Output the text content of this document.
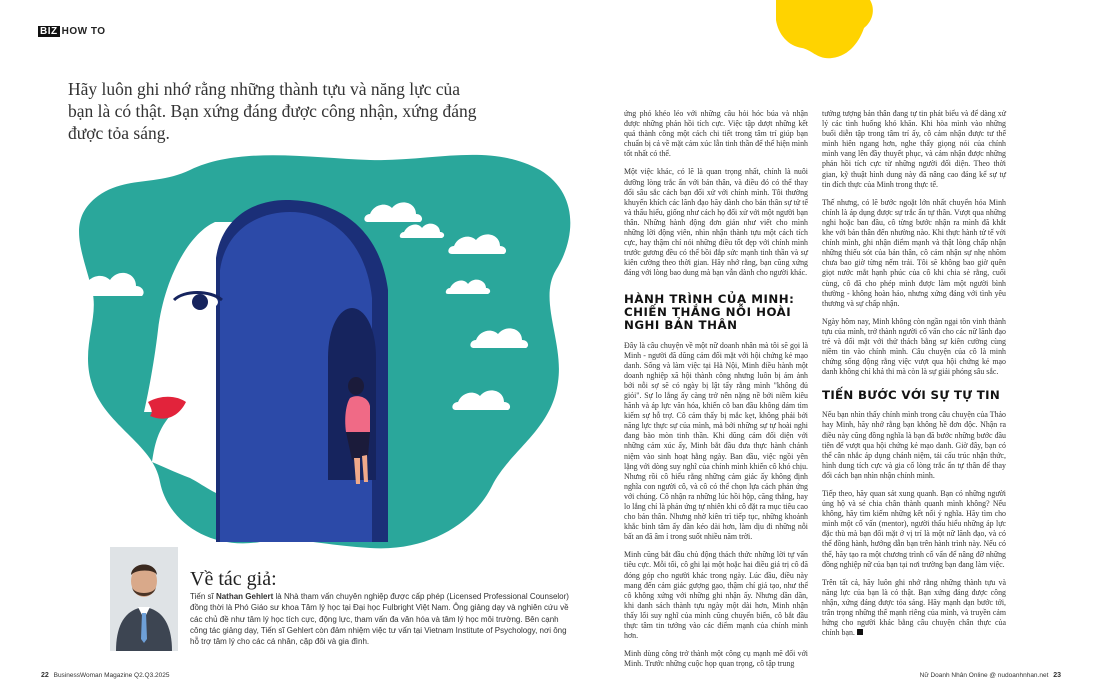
BIZ HOW TO
Hãy luôn ghi nhớ rằng những thành tựu và năng lực của bạn là có thật. Bạn xứng đáng được công nhận, xứng đáng được tỏa sáng.
Về tác giả:
Tiến sĩ Nathan Gehlert là Nhà tham vấn chuyên nghiệp được cấp phép (Licensed Professional Counselor) đồng thời là Phó Giáo sư khoa Tâm lý học tại Đại học Fulbright Việt Nam. Ông giảng dạy và nghiên cứu về các chủ đề như tâm lý học tích cực, động lực, tham vấn đa văn hóa và tâm lý học môi trường. Bên cạnh công tác giảng dạy, Tiến sĩ Gehlert còn đảm nhiệm việc tư vấn tại Vietnam Institute of Psychology, nơi ông hỗ trợ tâm lý cho các cá nhân, cặp đôi và gia đình.

ứng phó khéo léo với những câu hỏi hóc búa và nhận được những phản hồi tích cực. Việc tập dượt những kết quả thành công một cách chi tiết trong tâm trí giúp bạn chuẩn bị cả về mặt cảm xúc lẫn tinh thần để thể hiện mình tốt nhất có thể.

Một việc khác, có lẽ là quan trọng nhất, chính là nuôi dưỡng lòng trắc ẩn với bản thân, và điều đó có thể thay đổi sâu sắc cách bạn đối xử với chính mình. Tôi thường khuyến khích các lãnh đạo hãy dành cho bản thân sự tử tế và thấu hiểu, giống như cách họ đối xử với một người bạn thân. Những hành động đơn giản như viết cho mình những lời động viên, nhìn nhận thành tựu một cách tích cực, hay thậm chí nói những điều tốt đẹp với chính mình trước gương đều có thể bồi đắp sức mạnh tinh thần và sự kiên cường theo thời gian. Hãy nhớ rằng, bạn cũng xứng đáng với lòng bao dung mà bạn vẫn dành cho người khác.

HÀNH TRÌNH CỦA MINH: CHIẾN THẮNG NỖI HOÀI NGHI BẢN THÂN

Đây là câu chuyện về một nữ doanh nhân mà tôi sẽ gọi là Minh - người đã dũng cảm đối mặt với hội chứng kẻ mạo danh. Sống và làm việc tại Hà Nội, Minh điều hành một doanh nghiệp xã hội thành công nhưng luôn bị ám ảnh bởi nỗi sợ sẽ có ngày bị lật tẩy rằng mình "không đủ giỏi". Sự lo lắng ấy càng trở nên nặng nề bởi niềm kiêu hãnh và áp lực văn hóa, khiến cô ban đầu không dám tìm kiếm sự hỗ trợ. Cô cảm thấy bị mắc kẹt, không phải bởi năng lực thực sự của mình, mà bởi những sự tự hoài nghi đang bào mòn tinh thần. Khi dũng cảm đối diện với những cảm xúc ấy, Minh bắt đầu đưa thực hành chánh niệm vào sinh hoạt hằng ngày. Ban đầu, việc ngồi yên lặng với dòng suy nghĩ của chính mình khiến cô khó chịu. Nhưng rồi cô hiểu rằng những cảm giác ấy không định nghĩa con người cô, và cô có thể chọn lựa cách phản ứng với chúng. Cô nhận ra những lúc hồi hộp, căng thẳng, hay lo lắng chỉ là phản ứng tự nhiên khi cô đặt ra mục tiêu cao cho bản thân. Nhưng nhờ kiên trì tiếp tục, những khoảnh khắc bình tâm ấy dần kéo dài hơn, làm dịu đi những nỗi bất an đã âm ỉ trong suốt nhiều năm trời.

Minh cũng bắt đầu chủ động thách thức những lời tự vấn tiêu cực. Mỗi tối, cô ghi lại một hoặc hai điều giá trị cô đã đóng góp cho người khác trong ngày. Lúc đầu, điều này mang đến cảm giác gượng gạo, thậm chí giả tạo, như thể cô không xứng với những ghi nhận ấy. Nhưng dần dần, khi danh sách thành tựu ngày một dài hơn, Minh nhận thấy lối suy nghĩ của mình cũng chuyển biến, cô bắt đầu thực tâm tin tưởng vào các điểm mạnh của chính mình hơn.

Minh dùng công trở thành một công cụ mạnh mẽ đối với Minh. Trước những cuộc họp quan trọng, cô tập trung

tưởng tượng bản thân đang tự tin phát biểu và để dàng xử lý các tình huống khó khăn. Khi hòa mình vào những buổi diễn tập trong tâm trí ấy, cô cảm nhận được tư thế mình hiên ngang hơn, nghe thấy giọng nói của chính mình vang lên đầy thuyết phục, và cảm nhận được những phản hồi tích cực từ những người đối diện. Theo thời gian, kỹ thuật hình dung này đã nâng cao đáng kể sự tự tin đích thực của Minh trong thực tế.

Thế nhưng, có lẽ bước ngoặt lớn nhất chuyển hóa Minh chính là áp dụng được sự trắc ẩn tự thân. Vượt qua những nghi hoặc ban đầu, cô từng bước nhận ra mình đã khắt khe với bản thân đến nhường nào. Khi thực hành tử tế với chính mình, ghi nhận điểm mạnh và thật lòng chấp nhận những thiếu sót của bản thân, cô cảm nhận sự nhẹ nhõm chưa bao giờ từng nếm trải. Tôi sẽ không bao giờ quên giọt nước mắt hạnh phúc của cô khi chia sẻ rằng, cuối cùng, cô đã cho phép mình được làm một người bình thường - không hoàn hảo, nhưng xứng đáng với tình yêu thương và sự chấp nhận.

Ngày hôm nay, Minh không còn ngần ngại tôn vinh thành tựu của mình, trở thành người cố vấn cho các nữ lãnh đạo trẻ và đối mặt với thử thách bằng sự kiên cường cùng niềm tin vào chính mình. Câu chuyện của cô là minh chứng sống động rằng việc vượt qua hội chứng kẻ mạo danh không chỉ khả thi mà còn là sự giải phóng sâu sắc.

TIẾN BƯỚC VỚI SỰ TỰ TIN

Nếu bạn nhìn thấy chính mình trong câu chuyện của Thảo hay Minh, hãy nhớ rằng bạn không hề đơn độc. Nhận ra điều này cũng đồng nghĩa là bạn đã bước những bước đầu tiên để vượt qua hội chứng kẻ mạo danh. Giờ đây, bạn có thể cân nhắc áp dụng chánh niệm, tái cấu trúc nhận thức, hình dung tích cực và gia cố lòng trắc ẩn tự thân để thay đổi cách bạn nhìn nhận chính mình.

Tiếp theo, hãy quan sát xung quanh. Bạn có những người ủng hộ và sẻ chia chân thành quanh mình không? Nếu không, hãy tìm kiếm những kết nối ý nghĩa. Hãy tìm cho mình một cố vấn (mentor), người thấu hiểu những áp lực đặc thù mà bạn đối mặt ở vị trí là một nữ lãnh đạo, và có thể đồng hành, hướng dẫn bạn trên hành trình này. Nếu có thể, hãy tạo ra một chương trình cố vấn để nâng đỡ những đồng nghiệp nữ của bạn tại nơi trường bạn đang làm việc.

Trên tất cả, hãy luôn ghi nhớ rằng những thành tựu và năng lực của bạn là có thật. Bạn xứng đáng được công nhận, xứng đáng được tỏa sáng. Hãy mạnh dạn bước tới, trân trọng những thế mạnh riêng của mình, và truyền cảm hứng cho người khác bằng câu chuyện chân thực của chính bạn.

22 BusinessWoman Magazine Q2.Q3.2025	Nữ Doanh Nhân Online @ nudoanhnhan.net 23
